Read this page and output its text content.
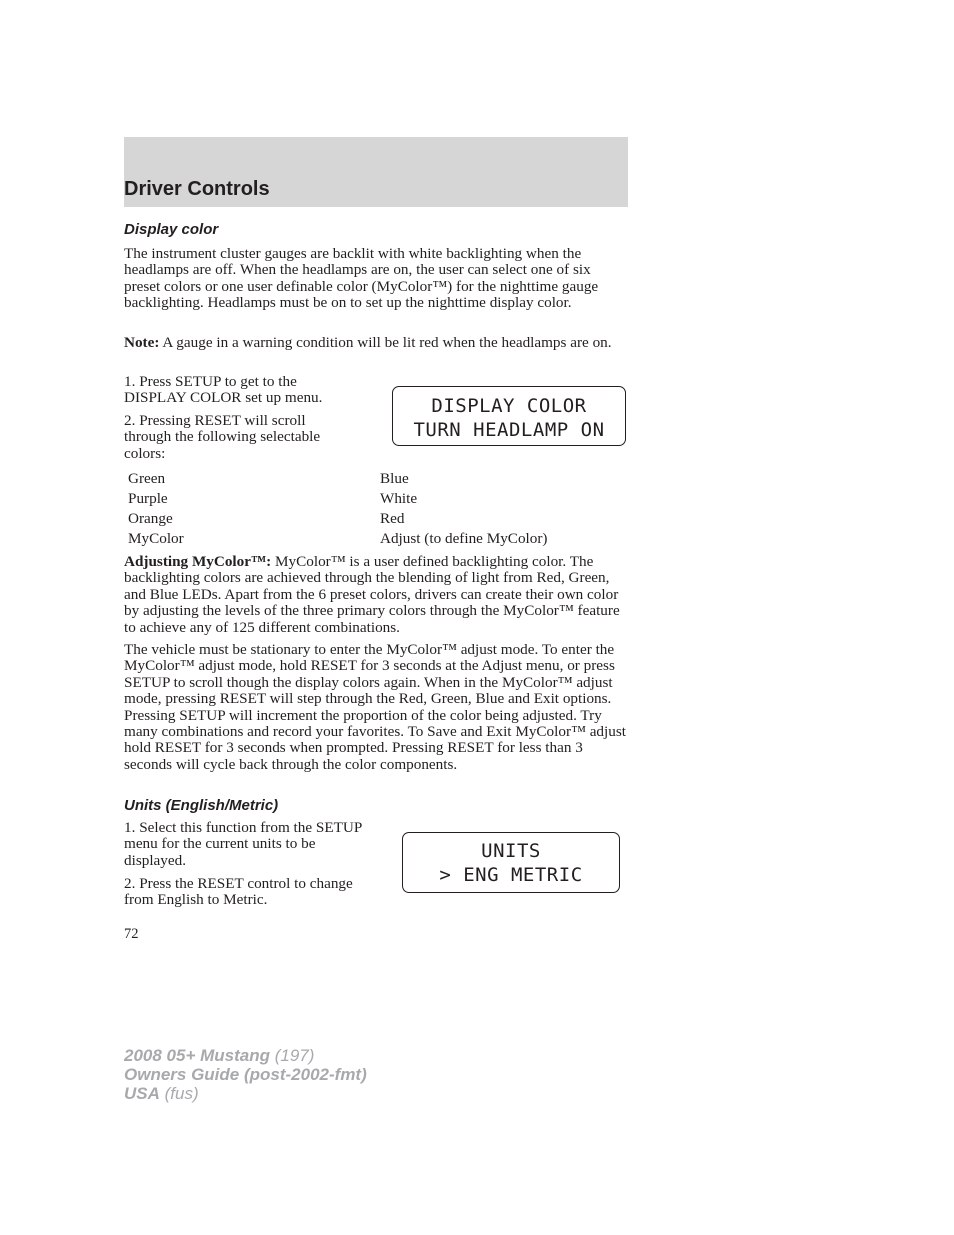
Driver Controls
Display color

The instrument cluster gauges are backlit with white backlighting when the headlamps are off. When the headlamps are on, the user can select one of six preset colors or one user definable color (MyColor™) for the nighttime gauge backlighting. Headlamps must be on to set up the nighttime display color.

Note: A gauge in a warning condition will be lit red when the headlamps are on.

1. Press SETUP to get to the DISPLAY COLOR set up menu.

2. Pressing RESET will scroll through the following selectable colors:

DISPLAY COLOR
TURN HEADLAMP ON
Green	Blue
Purple	White
Orange	Red
MyColor	Adjust (to define MyColor)

Adjusting MyColor™: MyColor™ is a user defined backlighting color. The backlighting colors are achieved through the blending of light from Red, Green, and Blue LEDs. Apart from the 6 preset colors, drivers can create their own color by adjusting the levels of the three primary colors through the MyColor™ feature to achieve any of 125 different combinations.

The vehicle must be stationary to enter the MyColor™ adjust mode. To enter the MyColor™ adjust mode, hold RESET for 3 seconds at the Adjust menu, or press SETUP to scroll though the display colors again. When in the MyColor™ adjust mode, pressing RESET will step through the Red, Green, Blue and Exit options. Pressing SETUP will increment the proportion of the color being adjusted. Try many combinations and record your favorites. To Save and Exit MyColor™ adjust hold RESET for 3 seconds when prompted. Pressing RESET for less than 3 seconds will cycle back through the color components.

Units (English/Metric)

1. Select this function from the SETUP menu for the current units to be displayed.

2. Press the RESET control to change from English to Metric.

UNITS
> ENG METRIC
72
2008 05+ Mustang (197)
Owners Guide (post-2002-fmt)
USA (fus)
